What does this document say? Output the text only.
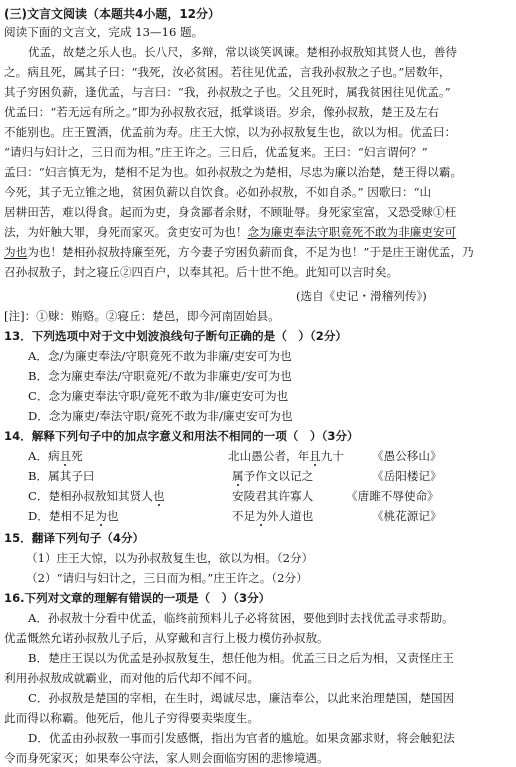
(三)文言文阅读（本题共4小题，12分）
阅读下面的文言文，完成 13—16 题。
优孟，故楚之乐人也。长八尺，多辩，常以谈笑讽谏。楚相孙叔敖知其贤人也，善待
之。病且死，属其子曰：“我死，汝必贫困。若往见优孟，言我孙叔敖之子也。”居数年，
其子穷困负薪，逢优孟，与言曰：“我，孙叔敖之子也。父且死时，属我贫困往见优孟。”
优孟曰：“若无远有所之。”即为孙叔敖衣冠，抵掌谈语。岁余，像孙叔敖，楚王及左右
不能别也。庄王置酒，优孟前为寿。庄王大惊，以为孙叔敖复生也，欲以为相。优孟曰：
“请归与妇计之，三日而为相。”庄王许之。三日后，优孟复来。王曰：“妇言谓何？”
孟曰：“妇言慎无为，楚相不足为也。如孙叔敖之为楚相，尽忠为廉以治楚，楚王得以霸。
今死，其子无立锥之地，贫困负薪以自饮食。必如孙叔敖，不如自杀。” 因歌曰：“山
居耕田苦，难以得食。起而为吏，身贪鄙者余财，不顾耻辱。身死家室富，又恐受赇①枉
法，为奸触大罪，身死而家灭。贪吏安可为也！念为廉吏奉法守职竟死不敢为非廉吏安可
为也为也！楚相孙叔敖持廉至死，方今妻子穷困负薪而食，不足为也！”于是庄王谢优孟，乃
召孙叔敖子，封之寝丘②四百户，以奉其祀。后十世不绝。此知可以言时矣。
(选自《史记・滑稽列传》)
[注]：①赇：贿赂。②寝丘：楚邑，即今河南固始县。
13．下列选项中对于文中划波浪线句子断句正确的是（　）（2分）
A．念/为廉吏奉法/守职竟死不敢为非廉/吏安可为也
B．念为廉吏奉法/守职竟死/不敢为非廉吏/安可为也
C．念为廉吏奉法守职/竟死不敢为非/廉吏安可为也
D．念为廉吏/奉法守职/竟死不敢为非/廉吏安可为也
14．解释下列句子中的加点字意义和用法不相同的一项（　）（3分）
A．病且死	北山愚公者，年且九十 《愚公移山》
B．属其子曰	属予作文以记之	《岳阳楼记》
C．楚相孙叔敖知其贤人也	安陵君其许寡人	《唐雎不辱使命》
D．楚相不足为也	不足为外人道也	《桃花源记》
15．翻译下列句子（4分）
（1）庄王大惊，以为孙叔敖复生也，欲以为相。（2分）
（2）“请归与妇计之，三日而为相。”庄王许之。（2分）
16.下列对文章的理解有错误的一项是（　）（3分）
A．孙叔敖十分看中优孟，临终前预料儿子必将贫困，要他到时去找优孟寻求帮助。
优孟慨然允诺孙叔敖儿子后，从穿戴和言行上极力模仿孙叔敖。
B．楚庄王误以为优孟是孙叔敖复生，想任他为相。优孟三日之后为相，又责怪庄王
利用孙叔敖成就霸业，而对他的后代却不闻不问。
C．孙叔敖是楚国的宰相，在生时，竭诚尽忠，廉洁奉公，以此来治理楚国，楚国因
此而得以称霸。他死后，他儿子穷得要卖柴度生。
D．优孟由孙叔敖一事而引发感慨，指出为官者的尴尬。如果贪鄙求财，将会触犯法
令而身死家灭；如果奉公守法，家人则会面临穷困的悲惨境遇。
